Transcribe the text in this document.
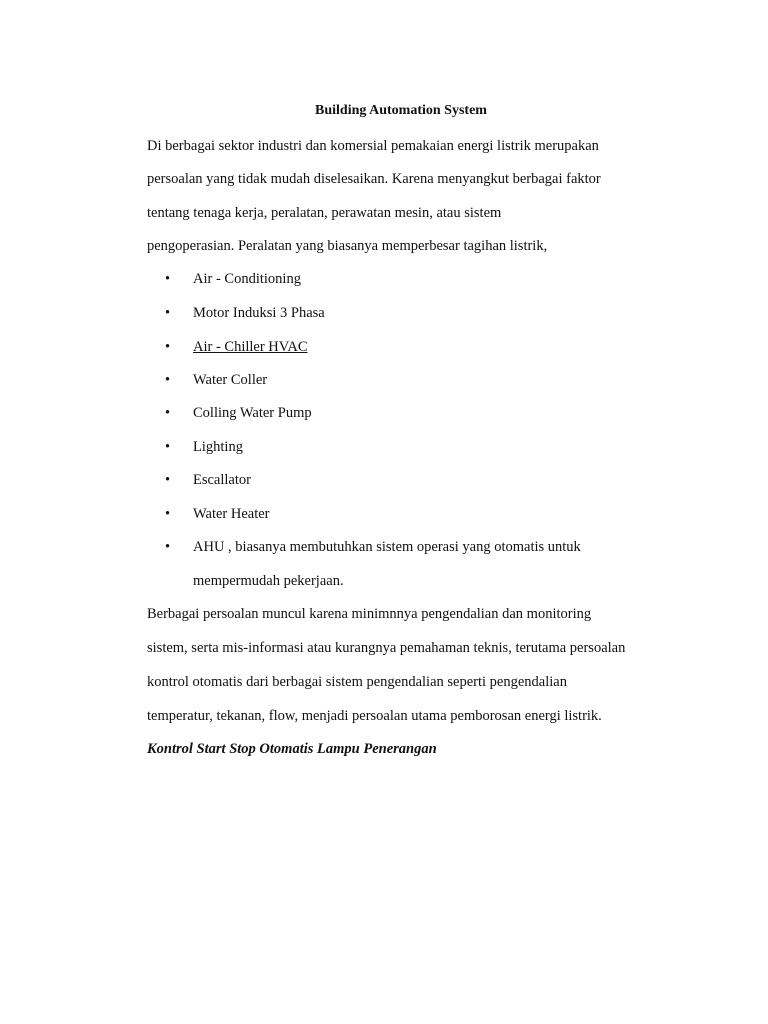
Building Automation System
Di berbagai sektor industri dan komersial pemakaian energi listrik merupakan
persoalan yang tidak mudah diselesaikan. Karena menyangkut berbagai faktor
tentang tenaga kerja, peralatan, perawatan mesin, atau sistem
pengoperasian. Peralatan yang biasanya memperbesar tagihan listrik,
•	Air - Conditioning
•	Motor Induksi 3 Phasa
•	Air - Chiller HVAC
•	Water Coller
•	Colling Water Pump
•	Lighting
•	Escallator
•	Water Heater
•	AHU , biasanya membutuhkan sistem operasi yang otomatis untuk
mempermudah pekerjaan.
Berbagai persoalan muncul karena minimnnya pengendalian dan monitoring
sistem, serta mis-informasi atau kurangnya pemahaman teknis, terutama persoalan
kontrol otomatis dari berbagai sistem pengendalian seperti pengendalian
temperatur, tekanan, flow, menjadi persoalan utama pemborosan energi listrik.
Kontrol Start Stop Otomatis Lampu Penerangan
